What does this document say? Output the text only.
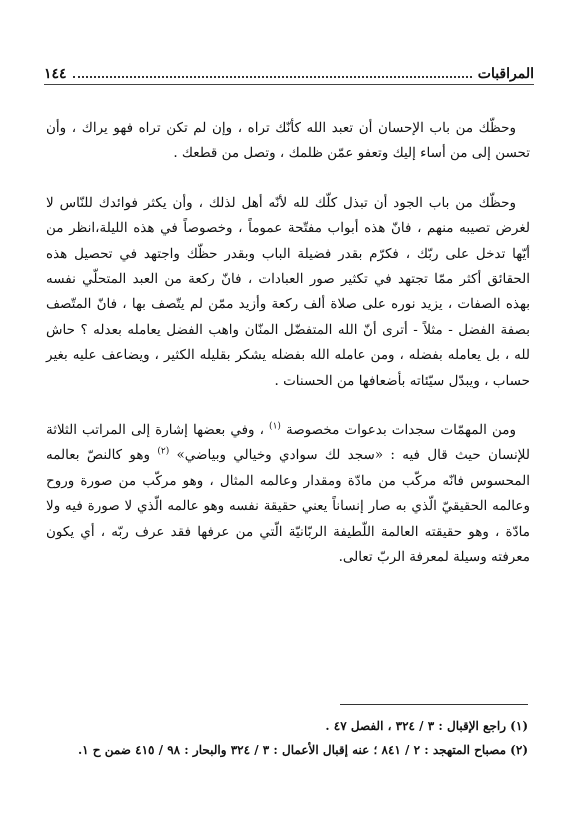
المراقبات
١٤٤

وحظّك من باب الإحسان أن تعبد الله كأنّك تراه ، وإن لم تكن تراه فهو يراك ، وأن تحسن إلى من أساء إليك وتعفو عمّن ظلمك ، وتصل من قطعك .

وحظّك من باب الجود أن تبذل كلّك لله لأنّه أهل لذلك ، وأن يكثر فوائدك للنّاس لا لغرض تصيبه منهم ، فانّ هذه أبواب مفتّحة عموماً ، وخصوصاً في هذه الليلة،انظر من أيّها تدخل على ربّك ، فكرّم بقدر فضيلة الباب وبقدر حظّك واجتهد في تحصيل هذه الحقائق أكثر ممّا تجتهد في تكثير صور العبادات ، فانّ ركعة من العبد المتحلّي نفسه بهذه الصفات ، يزيد نوره على صلاة ألف ركعة وأزيد ممّن لم يتّصف بها ، فانّ المتّصف بصفة الفضل - مثلاً - أترى أنّ الله المتفضّل المنّان واهب الفضل يعامله بعدله ؟ حاش لله ، بل يعامله بفضله ، ومن عامله الله بفضله يشكر بقليله الكثير ، ويضاعف عليه بغير حساب ، ويبدّل سيّئاته بأضعافها من الحسنات .

ومن المهمّات سجدات بدعوات مخصوصة $^{(١)}$ ، وفي بعضها إشارة إلى المراتب الثلاثة للإنسان حيث قال فيه : «سجد لك سوادي وخيالي وبياضي» $^{(٢)}$ وهو كالنصّ بعالمه المحسوس فانّه مركّب من مادّة ومقدار وعالمه المثال ، وهو مركّب من صورة وروح وعالمه الحقيقيّ الّذي به صار إنساناً يعني حقيقة نفسه وهو عالمه الّذي لا صورة فيه ولا مادّة ، وهو حقيقته العالمة اللّطيفة الربّانيّة الّتي من عرفها فقد عرف ربّه ، أي يكون معرفته وسيلة لمعرفة الربّ تعالى.

(١) راجع الإقبال : ٣ / ٣٢٤ ، الفصل ٤٧ .
(٢) مصباح المتهجد : ٢ / ٨٤١ ؛ عنه إقبال الأعمال : ٣ / ٣٢٤ والبحار : ٩٨ / ٤١٥ ضمن ح ١.
